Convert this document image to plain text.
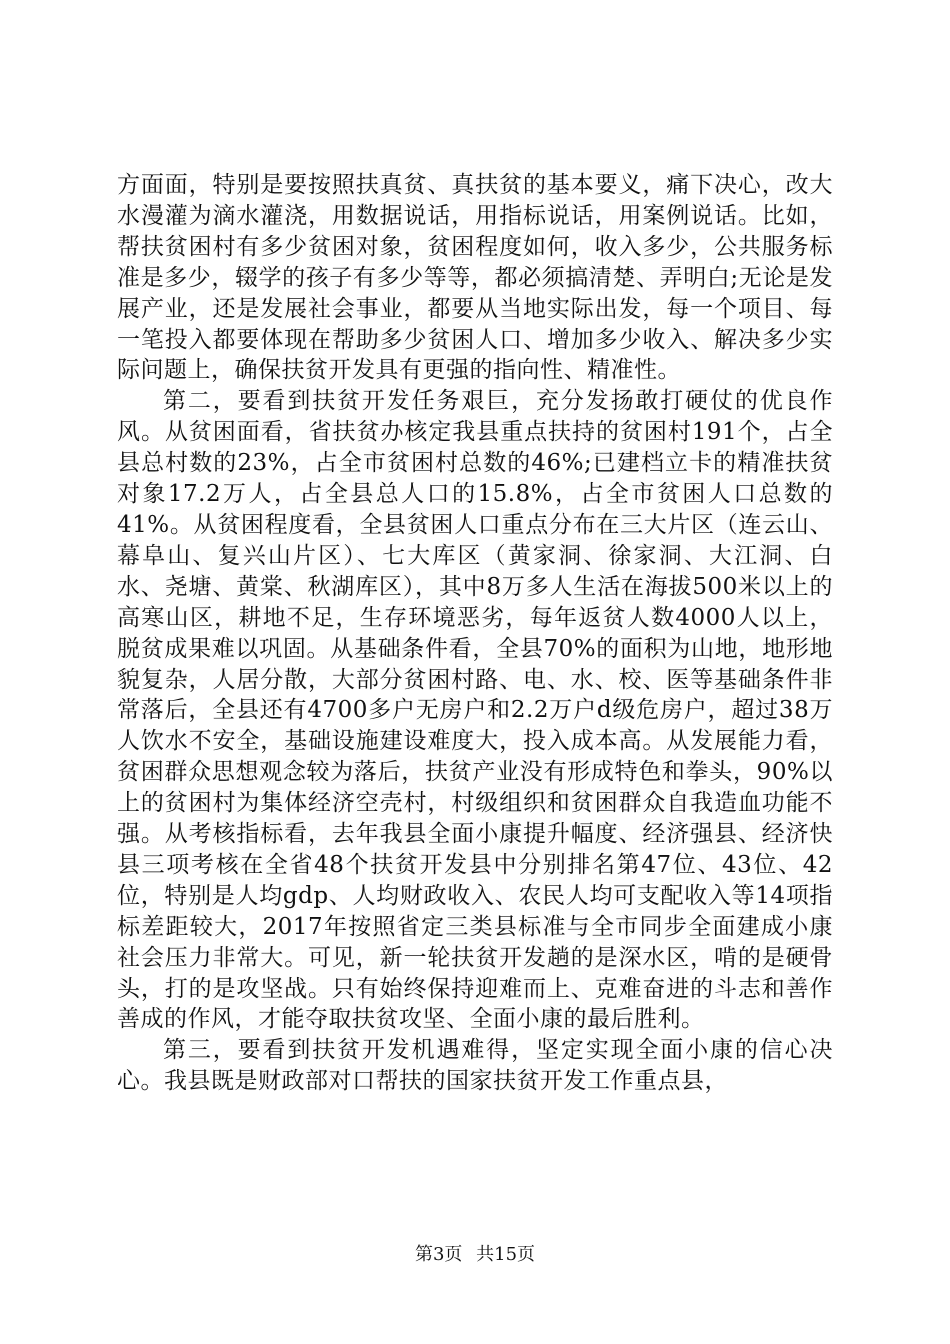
方面面，特别是要按照扶真贫、真扶贫的基本要义，痛下决心，改大水漫灌为滴水灌浇，用数据说话，用指标说话，用案例说话。比如，帮扶贫困村有多少贫困对象，贫困程度如何，收入多少，公共服务标准是多少，辍学的孩子有多少等等，都必须搞清楚、弄明白;无论是发展产业，还是发展社会事业，都要从当地实际出发，每一个项目、每一笔投入都要体现在帮助多少贫困人口、增加多少收入、解决多少实际问题上，确保扶贫开发具有更强的指向性、精准性。

第二，要看到扶贫开发任务艰巨，充分发扬敢打硬仗的优良作风。从贫困面看，省扶贫办核定我县重点扶持的贫困村191个，占全县总村数的23%，占全市贫困村总数的46%;已建档立卡的精准扶贫对象17.2万人，占全县总人口的15.8%，占全市贫困人口总数的41%。从贫困程度看，全县贫困人口重点分布在三大片区（连云山、幕阜山、复兴山片区）、七大库区（黄家洞、徐家洞、大江洞、白水、尧塘、黄棠、秋湖库区），其中8万多人生活在海拔500米以上的高寒山区，耕地不足，生存环境恶劣，每年返贫人数4000人以上，脱贫成果难以巩固。从基础条件看，全县70%的面积为山地，地形地貌复杂，人居分散，大部分贫困村路、电、水、校、医等基础条件非常落后，全县还有4700多户无房户和2.2万户d级危房户，超过38万人饮水不安全，基础设施建设难度大，投入成本高。从发展能力看，贫困群众思想观念较为落后，扶贫产业没有形成特色和拳头，90%以上的贫困村为集体经济空壳村，村级组织和贫困群众自我造血功能不强。从考核指标看，去年我县全面小康提升幅度、经济强县、经济快县三项考核在全省48个扶贫开发县中分别排名第47位、43位、42位，特别是人均gdp、人均财政收入、农民人均可支配收入等14项指标差距较大，2017年按照省定三类县标准与全市同步全面建成小康社会压力非常大。可见，新一轮扶贫开发趟的是深水区，啃的是硬骨头，打的是攻坚战。只有始终保持迎难而上、克难奋进的斗志和善作善成的作风，才能夺取扶贫攻坚、全面小康的最后胜利。

第三，要看到扶贫开发机遇难得，坚定实现全面小康的信心决心。我县既是财政部对口帮扶的国家扶贫开发工作重点县，

第3页 共15页
